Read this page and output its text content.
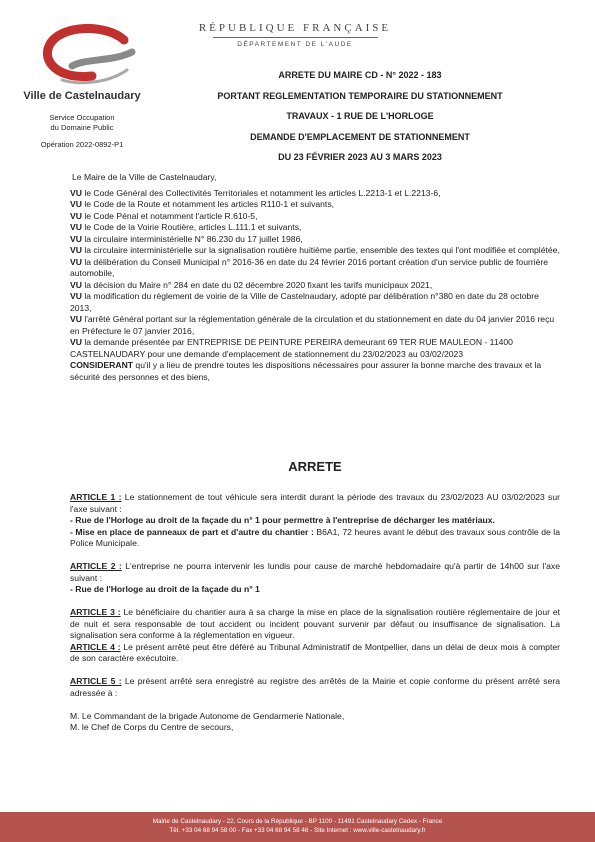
Ville de Castelnaudary
Service Occupation
du Domaine Public
Opération 2022-0892-P1
RÉPUBLIQUE FRANÇAISE
DÉPARTEMENT DE L'AUDE
ARRETE DU MAIRE CD - N° 2022 - 183
PORTANT REGLEMENTATION TEMPORAIRE DU STATIONNEMENT
TRAVAUX - 1 RUE DE L'HORLOGE
DEMANDE D'EMPLACEMENT DE STATIONNEMENT
DU 23 FÉVRIER 2023 AU 3 MARS 2023

Le Maire de la Ville de Castelnaudary,

VU le Code Général des Collectivités Territoriales et notamment les articles L.2213-1 et L.2213-6,

VU le Code de la Route et notamment les articles R110-1 et suivants,

VU le Code Pénal et notamment l'article R.610-5,

VU le Code de la Voirie Routière, articles L.111.1 et suivants,

VU la circulaire interministérielle N° 86.230 du 17 juillet 1986,

VU la circulaire interministérielle sur la signalisation routière huitième partie, ensemble des textes qui l'ont modifiée et complétée,

VU la délibération du Conseil Municipal n° 2016-36 en date du 24 février 2016 portant création d'un service public de fourrière automobile,

VU la décision du Maire n° 284 en date du 02 décembre 2020 fixant les tarifs municipaux 2021,

VU la modification du règlement de voirie de la Ville de Castelnaudary, adopté par délibération n°380 en date du 28 octobre 2013,

VU l'arrêté Général portant sur la réglementation générale de la circulation et du stationnement en date du 04 janvier 2016 reçu en Préfecture le 07 janvier 2016,

VU la demande présentée par ENTREPRISE DE PEINTURE PEREIRA demeurant 69 TER RUE MAULEON - 11400 CASTELNAUDARY pour une demande d'emplacement de stationnement du 23/02/2023 au 03/02/2023

CONSIDERANT qu'il y a lieu de prendre toutes les dispositions nécessaires pour assurer la bonne marche des travaux et la sécurité des personnes et des biens,

ARRETE

ARTICLE 1 : Le stationnement de tout véhicule sera interdit durant la période des travaux du 23/02/2023 AU 03/02/2023 sur l'axe suivant :

- Rue de l'Horloge au droit de la façade du n° 1 pour permettre à l'entreprise de décharger les matériaux.

- Mise en place de panneaux de part et d'autre du chantier : B6A1, 72 heures avant le début des travaux sous contrôle de la Police Municipale.

ARTICLE 2 : L'entreprise ne pourra intervenir les lundis pour cause de marché hebdomadaire qu'à partir de 14h00 sur l'axe suivant :

- Rue de l'Horloge au droit de la façade du n° 1

ARTICLE 3 : Le bénéficiaire du chantier aura à sa charge la mise en place de la signalisation routière réglementaire de jour et de nuit et sera responsable de tout accident ou incident pouvant survenir par défaut ou insuffisance de signalisation. La signalisation sera conforme à la réglementation en vigueur.

ARTICLE 4 : Le présent arrêté peut être déféré au Tribunal Administratif de Montpellier, dans un délai de deux mois à compter de son caractère exécutoire.

ARTICLE 5 : Le présent arrêté sera enregistré au registre des arrêtés de la Mairie et copie conforme du présent arrêté sera adressée à :

M. Le Commandant de la brigade Autonome de Gendarmerie Nationale,

M. le Chef de Corps du Centre de secours,

Mairie de Castelnaudary - 22, Cours de la République - BP 1100 - 11491 Castelnaudary Cedex - France
Tél. +33 04 68 94 58 00 - Fax +33 04 68 94 58 46 - Site Internet : www.ville-castelnaudary.fr
